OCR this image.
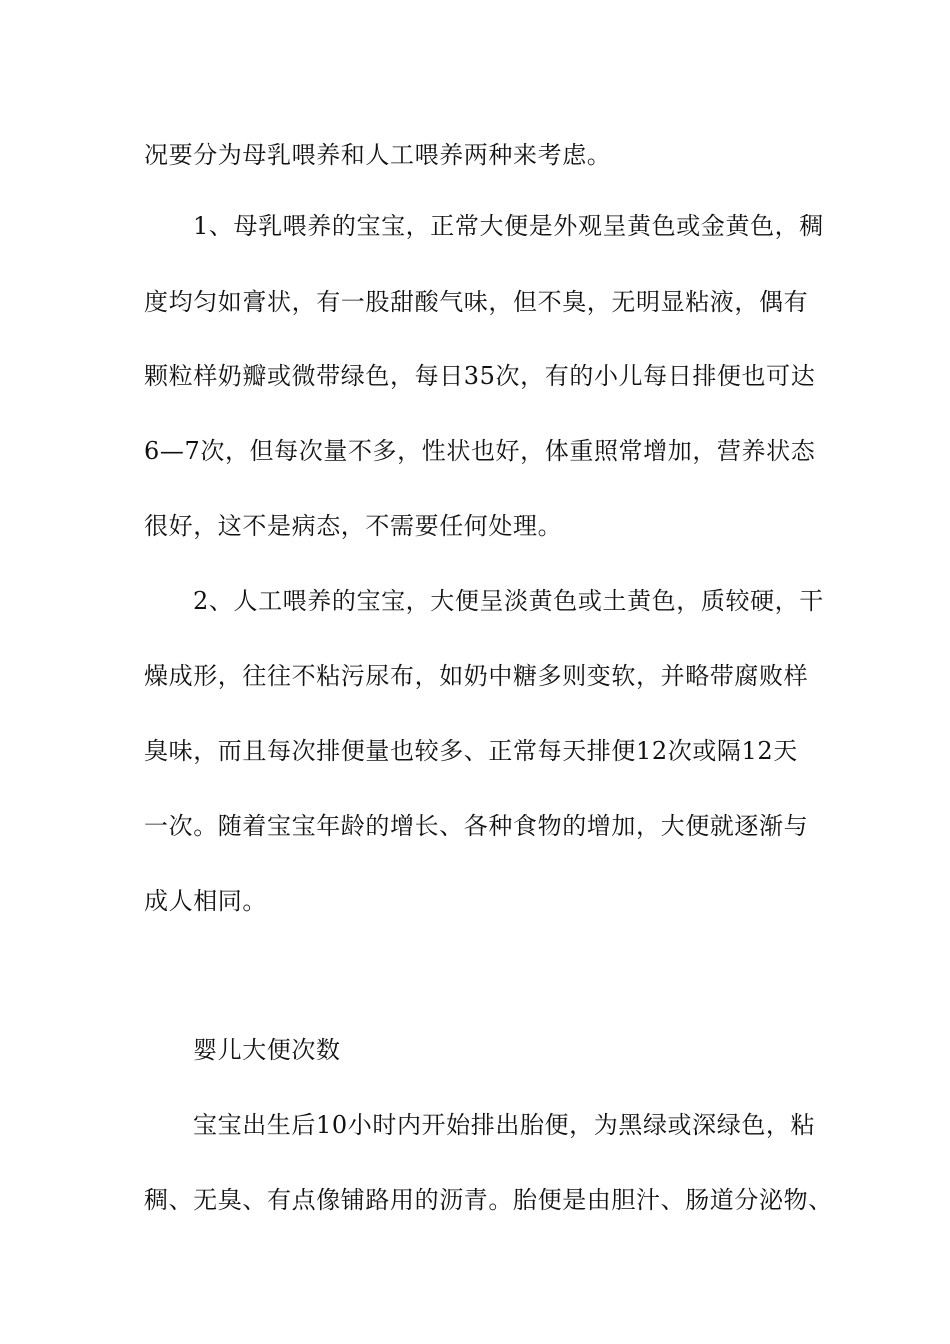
况要分为母乳喂养和人工喂养两种来考虑。
1、母乳喂养的宝宝，正常大便是外观呈黄色或金黄色，稠
度均匀如膏状，有一股甜酸气味，但不臭，无明显粘液，偶有
颗粒样奶瓣或微带绿色，每日35次，有的小儿每日排便也可达
6—7次，但每次量不多，性状也好，体重照常增加，营养状态
很好，这不是病态，不需要任何处理。
2、人工喂养的宝宝，大便呈淡黄色或土黄色，质较硬，干
燥成形，往往不粘污尿布，如奶中糖多则变软，并略带腐败样
臭味，而且每次排便量也较多、正常每天排便12次或隔12天
一次。随着宝宝年龄的增长、各种食物的增加，大便就逐渐与
成人相同。
婴儿大便次数
宝宝出生后10小时内开始排出胎便，为黑绿或深绿色，粘
稠、无臭、有点像铺路用的沥青。胎便是由胆汁、肠道分泌物、
